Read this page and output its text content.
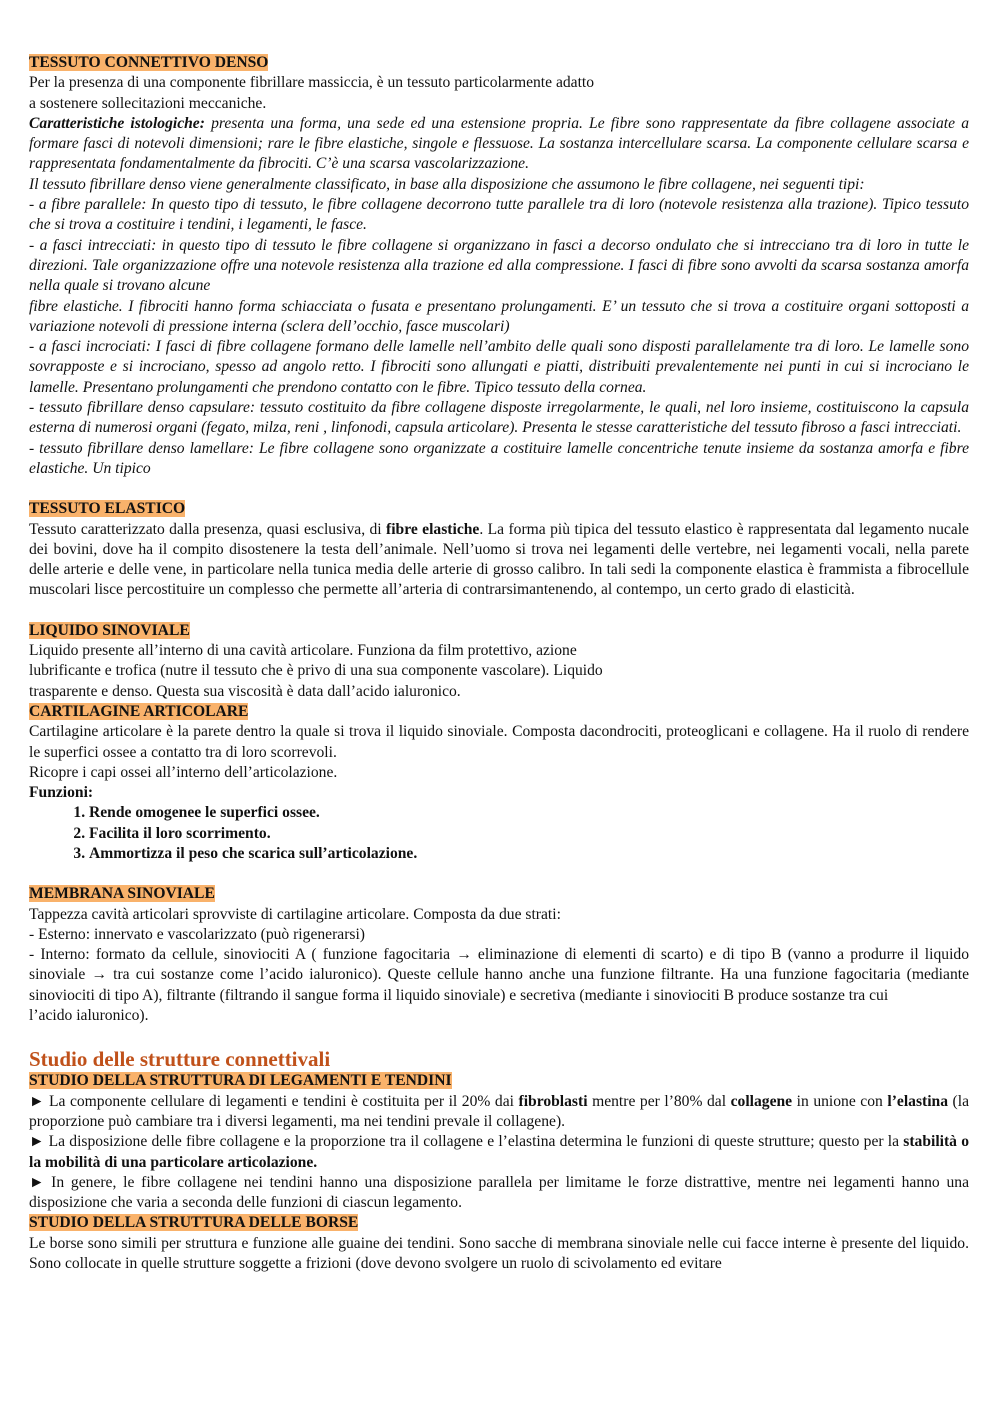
TESSUTO CONNETTIVO DENSO

Per la presenza di una componente fibrillare massiccia, è un tessuto particolarmente adatto

a sostenere sollecitazioni meccaniche.

Caratteristiche istologiche: presenta una forma, una sede ed una estensione propria. Le fibre sono rappresentate da fibre collagene associate a formare fasci di notevoli dimensioni; rare le fibre elastiche, singole e flessuose. La sostanza intercellulare scarsa. La componente cellulare scarsa e rappresentata fondamentalmente da fibrociti. C’è una scarsa vascolarizzazione.

Il tessuto fibrillare denso viene generalmente classificato, in base alla disposizione che assumono le fibre collagene, nei seguenti tipi:

- a fibre parallele: In questo tipo di tessuto, le fibre collagene decorrono tutte parallele tra di loro (notevole resistenza alla trazione). Tipico tessuto che si trova a costituire i tendini, i legamenti, le fasce.

- a fasci intrecciati: in questo tipo di tessuto le fibre collagene si organizzano in fasci a decorso ondulato che si intrecciano tra di loro in tutte le direzioni. Tale organizzazione offre una notevole resistenza alla trazione ed alla compressione. I fasci di fibre sono avvolti da scarsa sostanza amorfa nella quale si trovano alcune

fibre elastiche. I fibrociti hanno forma schiacciata o fusata e presentano prolungamenti. E’ un tessuto che si trova a costituire organi sottoposti a variazione notevoli di pressione interna (sclera dell’occhio, fasce muscolari)

- a fasci incrociati: I fasci di fibre collagene formano delle lamelle nell’ambito delle quali sono disposti parallelamente tra di loro. Le lamelle sono sovrapposte e si incrociano, spesso ad angolo retto. I fibrociti sono allungati e piatti, distribuiti prevalentemente nei punti in cui si incrociano le lamelle. Presentano prolungamenti che prendono contatto con le fibre. Tipico tessuto della cornea.

- tessuto fibrillare denso capsulare: tessuto costituito da fibre collagene disposte irregolarmente, le quali, nel loro insieme, costituiscono la capsula esterna di numerosi organi (fegato, milza, reni , linfonodi, capsula articolare). Presenta le stesse caratteristiche del tessuto fibroso a fasci intrecciati.

- tessuto fibrillare denso lamellare: Le fibre collagene sono organizzate a costituire lamelle concentriche tenute insieme da sostanza amorfa e fibre elastiche. Un tipico

TESSUTO ELASTICO

Tessuto caratterizzato dalla presenza, quasi esclusiva, di fibre elastiche. La forma più tipica del tessuto elastico è rappresentata dal legamento nucale dei bovini, dove ha il compito disostenere la testa dell’animale. Nell’uomo si trova nei legamenti delle vertebre, nei legamenti vocali, nella parete delle arterie e delle vene, in particolare nella tunica media delle arterie di grosso calibro. In tali sedi la componente elastica è frammista a fibrocellule muscolari lisce percostituire un complesso che permette all’arteria di contrarsimantenendo, al contempo, un certo grado di elasticità.

LIQUIDO SINOVIALE

Liquido presente all’interno di una cavità articolare. Funziona da film protettivo, azione

lubrificante e trofica (nutre il tessuto che è privo di una sua componente vascolare). Liquido

trasparente e denso. Questa sua viscosità è data dall’acido ialuronico.

CARTILAGINE ARTICOLARE

Cartilagine articolare è la parete dentro la quale si trova il liquido sinoviale. Composta dacondrociti, proteoglicani e collagene. Ha il ruolo di rendere le superfici ossee a contatto tra di loro scorrevoli.

Ricopre i capi ossei all’interno dell’articolazione.

Funzioni:

1. Rende omogenee le superfici ossee.
2. Facilita il loro scorrimento.
3. Ammortizza il peso che scarica sull’articolazione.

MEMBRANA SINOVIALE

Tappezza cavità articolari sprovviste di cartilagine articolare. Composta da due strati:

- Esterno: innervato e vascolarizzato (può rigenerarsi)

- Interno: formato da cellule, sinoviociti A ( funzione fagocitaria → eliminazione di elementi di scarto) e di tipo B (vanno a produrre il liquido sinoviale → tra cui sostanze come l’acido ialuronico). Queste cellule hanno anche una funzione filtrante. Ha una funzione fagocitaria (mediante sinoviociti di tipo A), filtrante (filtrando il sangue forma il liquido sinoviale) e secretiva (mediante i sinoviociti B produce sostanze tra cui

l’acido ialuronico).

Studio delle strutture connettivali

STUDIO DELLA STRUTTURA DI LEGAMENTI E TENDINI

► La componente cellulare di legamenti e tendini è costituita per il 20% dai fibroblasti mentre per l’80% dal collagene in unione con l’elastina (la proporzione può cambiare tra i diversi legamenti, ma nei tendini prevale il collagene).

► La disposizione delle fibre collagene e la proporzione tra il collagene e l’elastina determina le funzioni di queste strutture; questo per la stabilità o la mobilità di una particolare articolazione.

► In genere, le fibre collagene nei tendini hanno una disposizione parallela per limitame le forze distrattive, mentre nei legamenti hanno una disposizione che varia a seconda delle funzioni di ciascun legamento.

STUDIO DELLA STRUTTURA DELLE BORSE

Le borse sono simili per struttura e funzione alle guaine dei tendini. Sono sacche di membrana sinoviale nelle cui facce interne è presente del liquido. Sono collocate in quelle strutture soggette a frizioni (dove devono svolgere un ruolo di scivolamento ed evitare
